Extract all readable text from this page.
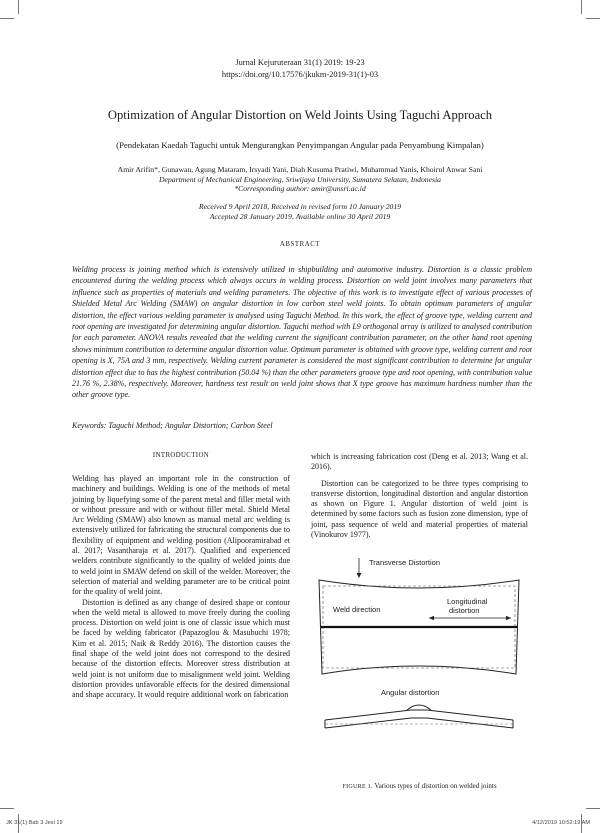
Jurnal Kejuruteraan 31(1) 2019: 19-23
https://doi.org/10.17576/jkukm-2019-31(1)-03
Optimization of Angular Distortion on Weld Joints Using Taguchi Approach
(Pendekatan Kaedah Taguchi untuk Mengurangkan Penyimpangan Angular pada Penyambung Kimpalan)
Amir Arifin*, Gunawan, Agung Mataram, Irsyadi Yani, Diah Kusuma Pratiwi, Muhammad Yanis, Khoirul Anwar Sani
Department of Mechanical Engineering, Sriwijaya University, Sumatera Selatan, Indonesia
*Corresponding author: amir@unsri.ac.id
Received 9 April 2018, Received in revised form 10 January 2019
Accepted 28 January 2019, Available online 30 April 2019
ABSTRACT

Welding process is joining method which is extensively utilized in shipbuilding and automotive industry. Distortion is a classic problem encountered during the welding process which always occurs in welding process. Distortion on weld joint involves many parameters that influence such as properties of materials and welding parameters. The objective of this work is to investigate effect of various processes of Shielded Metal Arc Welding (SMAW) on angular distortion in low carbon steel weld joints. To obtain optimum parameters of angular distortion, the effect various welding parameter is analysed using Taguchi Method. In this work, the effect of groove type, welding current and root opening are investigated for determining angular distortion. Taguchi method with L9 orthogonal array is utilized to analysed contribution for each parameter. ANOVA results revealed that the welding current the significant contribution parameter, on the other hand root opening shows minimum contribution to determine angular distortion value. Optimum parameter is obtained with groove type, welding current and root opening is X, 75A and 3 mm, respectively. Welding current parameter is considered the most significant contribution to determine for angular distortion effect due to has the highest contribution (50.04 %) than the other parameters groove type and root opening, with contribution value 21.76 %, 2.38%, respectively. Moreover, hardness test result on weld joint shows that X type groove has maximum hardness number than the other groove type.

Keywords: Taguchi Method; Angular Distortion; Carbon Steel
INTRODUCTION

Welding has played an important role in the construction of machinery and buildings. Welding is one of the methods of metal joining by liquefying some of the parent metal and filler metal with or without pressure and with or without filler metal. Shield Metal Arc Welding (SMAW) also known as manual metal arc welding is extensively utilized for fabricating the structural components due to flexibility of equipment and welding position (Alipooramirabad et al. 2017; Vasantharaja et al. 2017). Qualified and experienced welders contribute significantly to the quality of welded joints due to weld joint in SMAW defend on skill of the welder. Moreover, the selection of material and welding parameter are to be critical point for the quality of weld joint.

Distortion is defined as any change of desired shape or contour when the weld metal is allowed to move freely during the cooling process. Distortion on weld joint is one of classic issue which must be faced by welding fabricator (Papazoglou & Masubuchi 1978; Kim et al. 2015; Naik & Reddy 2016). The distortion causes the final shape of the weld joint does not correspond to the desired because of the distortion effects. Moreover stress distribution at weld joint is not uniform due to misalignment weld joint. Welding distortion provides unfavorable effects for the desired dimensional and shape accuracy. It would require additional work on fabrication

which is increasing fabrication cost (Deng et al. 2013; Wang et al. 2016).

Distortion can be categorized to be three types comprising to transverse distortion, longitudinal distortion and angular distortion as shown on Figure 1. Angular distortion of weld joint is determined by some factors such as fusion zone dimension, type of joint, pass sequence of weld and material properties of material (Vinokurov 1977).

Transverse Distortion
Weld direction
Longitudinal
distortion
Angular distortion
FIGURE 1. Various types of distortion on welded joints
JK 31(1) Bab 3 Jesi 19	4/12/2019 10:52:19 AM
